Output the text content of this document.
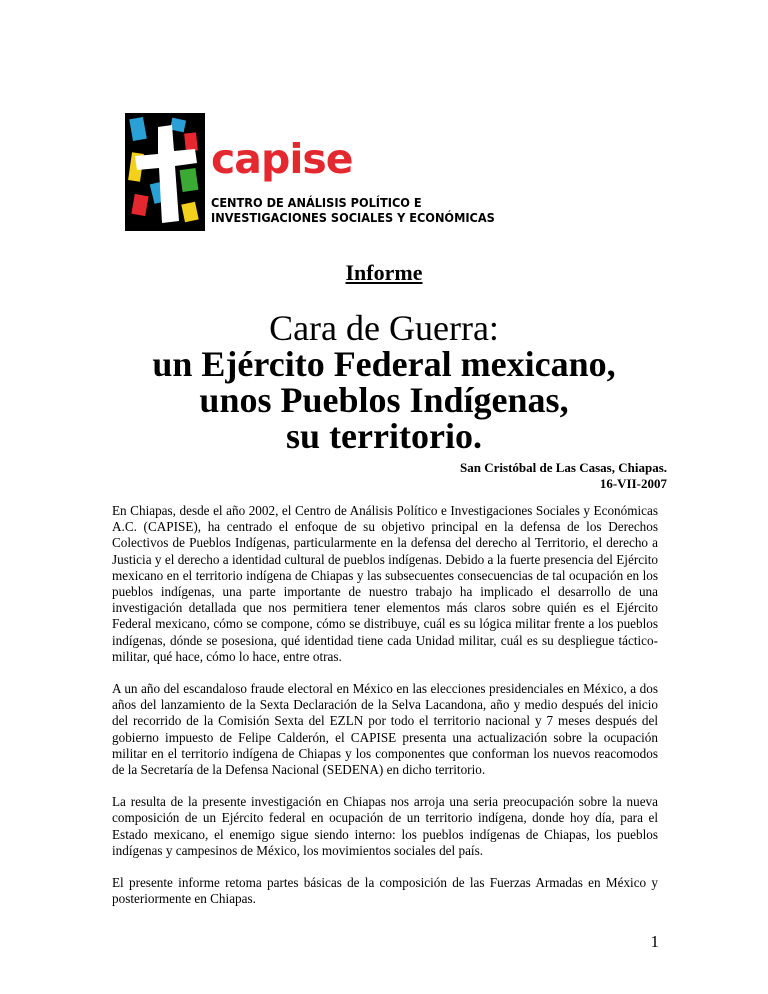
capise
CENTRO DE ANÁLISIS POLÍTICO E
INVESTIGACIONES SOCIALES Y ECONÓMICAS
Informe
Cara de Guerra:
un Ejército Federal mexicano,
unos Pueblos Indígenas,
su territorio.
San Cristóbal de Las Casas, Chiapas.
16-VII-2007

En Chiapas, desde el año 2002, el Centro de Análisis Político e Investigaciones Sociales y Económicas A.C. (CAPISE), ha centrado el enfoque de su objetivo principal en la defensa de los Derechos Colectivos de Pueblos Indígenas, particularmente en la defensa del derecho al Territorio, el derecho a Justicia y el derecho a identidad cultural de pueblos indígenas. Debido a la fuerte presencia del Ejército mexicano en el territorio indígena de Chiapas y las subsecuentes consecuencias de tal ocupación en los pueblos indígenas, una parte importante de nuestro trabajo ha implicado el desarrollo de una investigación detallada que nos permitiera tener elementos más claros sobre quién es el Ejército Federal mexicano, cómo se compone, cómo se distribuye, cuál es su lógica militar frente a los pueblos indígenas, dónde se posesiona, qué identidad tiene cada Unidad militar, cuál es su despliegue táctico-militar, qué hace, cómo lo hace, entre otras.

A un año del escandaloso fraude electoral en México en las elecciones presidenciales en México, a dos años del lanzamiento de la Sexta Declaración de la Selva Lacandona, año y medio después del inicio del recorrido de la Comisión Sexta del EZLN por todo el territorio nacional y 7 meses después del gobierno impuesto de Felipe Calderón, el CAPISE presenta una actualización sobre la ocupación militar en el territorio indígena de Chiapas y los componentes que conforman los nuevos reacomodos de la Secretaría de la Defensa Nacional (SEDENA) en dicho territorio.

La resulta de la presente investigación en Chiapas nos arroja una seria preocupación sobre la nueva composición de un Ejército federal en ocupación de un territorio indígena, donde hoy día, para el Estado mexicano, el enemigo sigue siendo interno: los pueblos indígenas de Chiapas, los pueblos indígenas y campesinos de México, los movimientos sociales del país.

El presente informe retoma partes básicas de la composición de las Fuerzas Armadas en México y posteriormente en Chiapas.

1
